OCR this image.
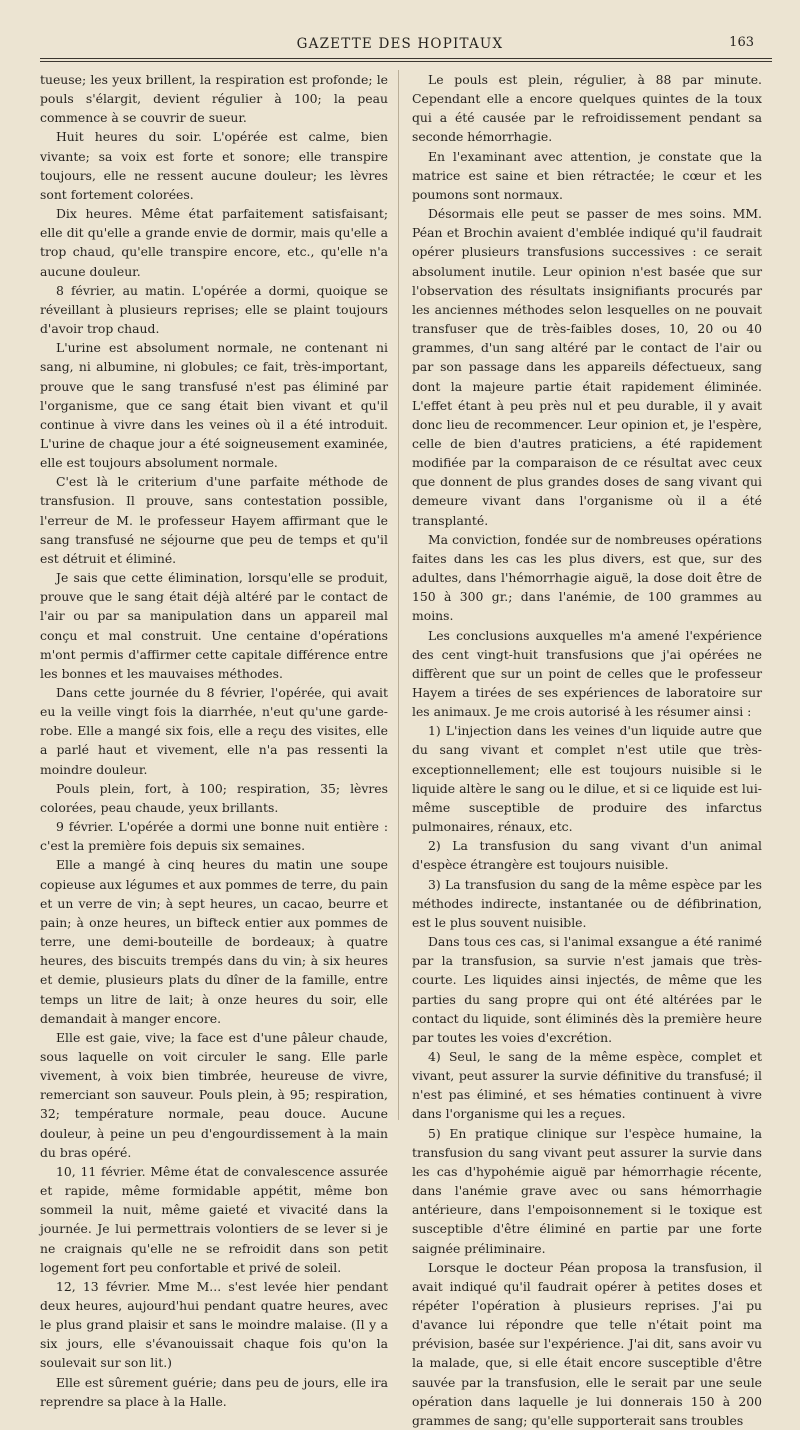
GAZETTE DES HOPITAUX	163

tueuse; les yeux brillent, la respiration est profonde; le pouls s'élargit, devient régulier à 100; la peau commence à se couvrir de sueur.

Huit heures du soir. L'opérée est calme, bien vivante; sa voix est forte et sonore; elle transpire toujours, elle ne ressent aucune douleur; les lèvres sont fortement colorées.

Dix heures. Même état parfaitement satisfaisant; elle dit qu'elle a grande envie de dormir, mais qu'elle a trop chaud, qu'elle transpire encore, etc., qu'elle n'a aucune douleur.

8 février, au matin. L'opérée a dormi, quoique se réveillant à plusieurs reprises; elle se plaint toujours d'avoir trop chaud.

L'urine est absolument normale, ne contenant ni sang, ni albumine, ni globules; ce fait, très-important, prouve que le sang transfusé n'est pas éliminé par l'organisme, que ce sang était bien vivant et qu'il continue à vivre dans les veines où il a été introduit. L'urine de chaque jour a été soigneusement examinée, elle est toujours absolument normale.

C'est là le criterium d'une parfaite méthode de transfusion. Il prouve, sans contestation possible, l'erreur de M. le professeur Hayem affirmant que le sang transfusé ne séjourne que peu de temps et qu'il est détruit et éliminé.

Je sais que cette élimination, lorsqu'elle se produit, prouve que le sang était déjà altéré par le contact de l'air ou par sa manipulation dans un appareil mal conçu et mal construit. Une centaine d'opérations m'ont permis d'affirmer cette capitale différence entre les bonnes et les mauvaises méthodes.

Dans cette journée du 8 février, l'opérée, qui avait eu la veille vingt fois la diarrhée, n'eut qu'une garde-robe. Elle a mangé six fois, elle a reçu des visites, elle a parlé haut et vivement, elle n'a pas ressenti la moindre douleur.

Pouls plein, fort, à 100; respiration, 35; lèvres colorées, peau chaude, yeux brillants.

9 février. L'opérée a dormi une bonne nuit entière : c'est la première fois depuis six semaines.

Elle a mangé à cinq heures du matin une soupe copieuse aux légumes et aux pommes de terre, du pain et un verre de vin; à sept heures, un cacao, beurre et pain; à onze heures, un bifteck entier aux pommes de terre, une demi-bouteille de bordeaux; à quatre heures, des biscuits trempés dans du vin; à six heures et demie, plusieurs plats du dîner de la famille, entre temps un litre de lait; à onze heures du soir, elle demandait à manger encore.

Elle est gaie, vive; la face est d'une pâleur chaude, sous laquelle on voit circuler le sang. Elle parle vivement, à voix bien timbrée, heureuse de vivre, remerciant son sauveur. Pouls plein, à 95; respiration, 32; température normale, peau douce. Aucune douleur, à peine un peu d'engourdissement à la main du bras opéré.

10, 11 février. Même état de convalescence assurée et rapide, même formidable appétit, même bon sommeil la nuit, même gaieté et vivacité dans la journée. Je lui permettrais volontiers de se lever si je ne craignais qu'elle ne se refroidit dans son petit logement fort peu confortable et privé de soleil.

12, 13 février. Mme M... s'est levée hier pendant deux heures, aujourd'hui pendant quatre heures, avec le plus grand plaisir et sans le moindre malaise. (Il y a six jours, elle s'évanouissait chaque fois qu'on la soulevait sur son lit.)

Elle est sûrement guérie; dans peu de jours, elle ira reprendre sa place à la Halle.

Le pouls est plein, régulier, à 88 par minute. Cependant elle a encore quelques quintes de la toux qui a été causée par le refroidissement pendant sa seconde hémorrhagie.

En l'examinant avec attention, je constate que la matrice est saine et bien rétractée; le cœur et les poumons sont normaux.

Désormais elle peut se passer de mes soins. MM. Péan et Brochin avaient d'emblée indiqué qu'il faudrait opérer plusieurs transfusions successives : ce serait absolument inutile. Leur opinion n'est basée que sur l'observation des résultats insignifiants procurés par les anciennes méthodes selon lesquelles on ne pouvait transfuser que de très-faibles doses, 10, 20 ou 40 grammes, d'un sang altéré par le contact de l'air ou par son passage dans les appareils défectueux, sang dont la majeure partie était rapidement éliminée. L'effet étant à peu près nul et peu durable, il y avait donc lieu de recommencer. Leur opinion et, je l'espère, celle de bien d'autres praticiens, a été rapidement modifiée par la comparaison de ce résultat avec ceux que donnent de plus grandes doses de sang vivant qui demeure vivant dans l'organisme où il a été transplanté.

Ma conviction, fondée sur de nombreuses opérations faites dans les cas les plus divers, est que, sur des adultes, dans l'hémorrhagie aiguë, la dose doit être de 150 à 300 gr.; dans l'anémie, de 100 grammes au moins.

Les conclusions auxquelles m'a amené l'expérience des cent vingt-huit transfusions que j'ai opérées ne diffèrent que sur un point de celles que le professeur Hayem a tirées de ses expériences de laboratoire sur les animaux. Je me crois autorisé à les résumer ainsi :

1) L'injection dans les veines d'un liquide autre que du sang vivant et complet n'est utile que très-exceptionnellement; elle est toujours nuisible si le liquide altère le sang ou le dilue, et si ce liquide est lui-même susceptible de produire des infarctus pulmonaires, rénaux, etc.

2) La transfusion du sang vivant d'un animal d'espèce étrangère est toujours nuisible.

3) La transfusion du sang de la même espèce par les méthodes indirecte, instantanée ou de défibrination, est le plus souvent nuisible.

Dans tous ces cas, si l'animal exsangue a été ranimé par la transfusion, sa survie n'est jamais que très-courte. Les liquides ainsi injectés, de même que les parties du sang propre qui ont été altérées par le contact du liquide, sont éliminés dès la première heure par toutes les voies d'excrétion.

4) Seul, le sang de la même espèce, complet et vivant, peut assurer la survie définitive du transfusé; il n'est pas éliminé, et ses hématies continuent à vivre dans l'organisme qui les a reçues.

5) En pratique clinique sur l'espèce humaine, la transfusion du sang vivant peut assurer la survie dans les cas d'hypohémie aiguë par hémorrhagie récente, dans l'anémie grave avec ou sans hémorrhagie antérieure, dans l'empoisonnement si le toxique est susceptible d'être éliminé en partie par une forte saignée préliminaire.

Lorsque le docteur Péan proposa la transfusion, il avait indiqué qu'il faudrait opérer à petites doses et répéter l'opération à plusieurs reprises. J'ai pu d'avance lui répondre que telle n'était point ma prévision, basée sur l'expérience. J'ai dit, sans avoir vu la malade, que, si elle était encore susceptible d'être sauvée par la transfusion, elle le serait par une seule opération dans laquelle je lui donnerais 150 à 200 grammes de sang; qu'elle supporterait sans troubles
